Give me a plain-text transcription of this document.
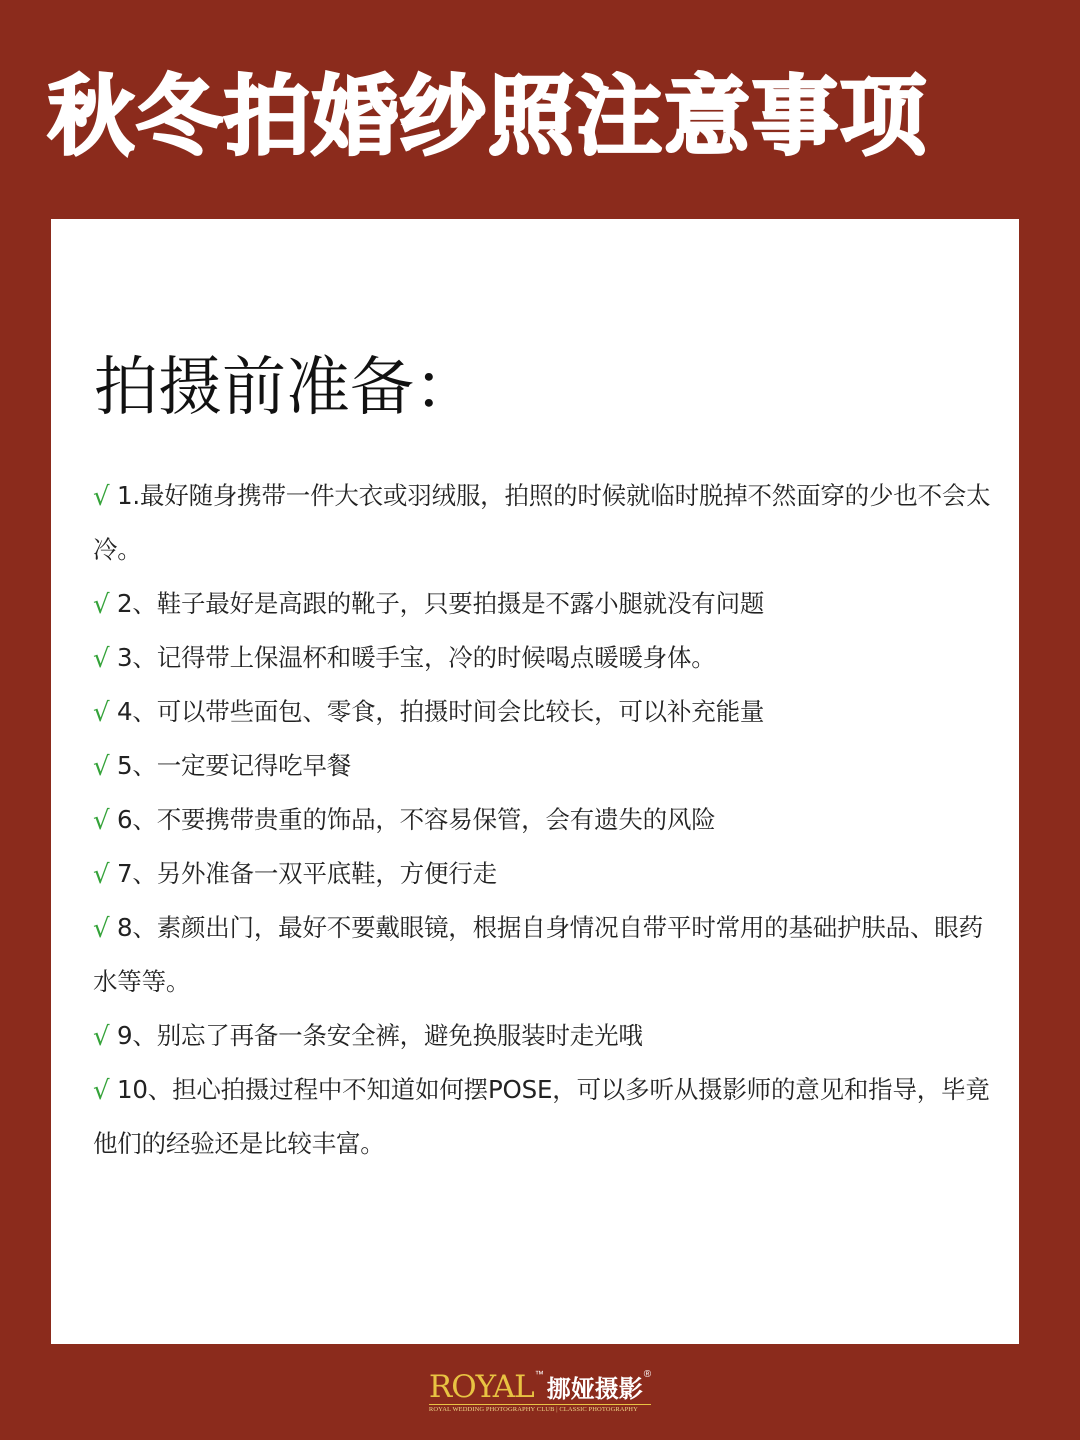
秋冬拍婚纱照注意事项
拍摄前准备：
√ 1.最好随身携带一件大衣或羽绒服，拍照的时候就临时脱掉不然面穿的少也不会太冷。
√ 2、鞋子最好是高跟的靴子，只要拍摄是不露小腿就没有问题
√ 3、记得带上保温杯和暖手宝，冷的时候喝点暖暖身体。
√ 4、可以带些面包、零食，拍摄时间会比较长，可以补充能量
√ 5、一定要记得吃早餐
√ 6、不要携带贵重的饰品，不容易保管，会有遗失的风险
√ 7、另外准备一双平底鞋，方便行走
√ 8、素颜出门，最好不要戴眼镜，根据自身情况自带平时常用的基础护肤品、眼药水等等。
√ 9、别忘了再备一条安全裤，避免换服装时走光哦
√ 10、担心拍摄过程中不知道如何摆POSE，可以多听从摄影师的意见和指导，毕竟他们的经验还是比较丰富。
ROYAL ™ 挪娅摄影 ®
ROYAL WEDDING PHOTOGRAPHY CLUB | CLASSIC PHOTOGRAPHY
